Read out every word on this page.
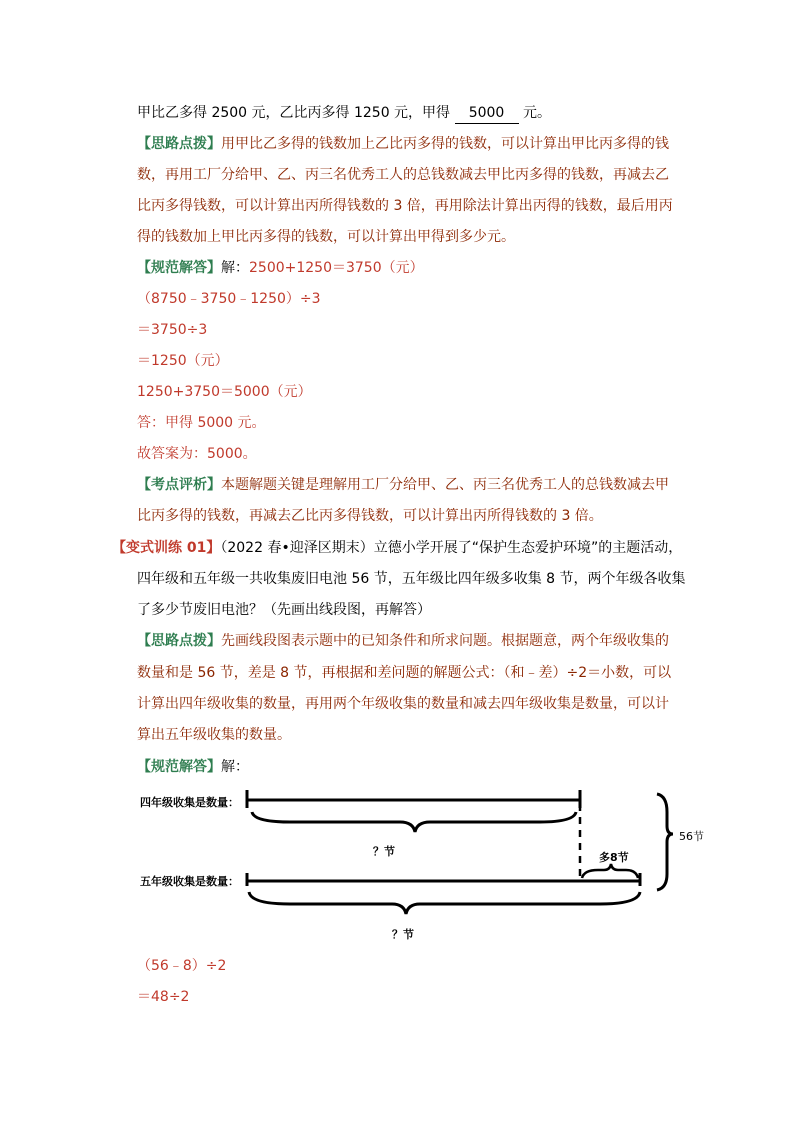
甲比乙多得 2500 元，乙比丙多得 1250 元，甲得 5000 元。
【思路点拨】用甲比乙多得的钱数加上乙比丙多得的钱数，可以计算出甲比丙多得的钱
数，再用工厂分给甲、乙、丙三名优秀工人的总钱数减去甲比丙多得的钱数，再减去乙
比丙多得钱数，可以计算出丙所得钱数的 3 倍，再用除法计算出丙得的钱数，最后用丙
得的钱数加上甲比丙多得的钱数，可以计算出甲得到多少元。
【规范解答】解：2500+1250＝3750（元）
（8750﹣3750﹣1250）÷3
＝3750÷3
＝1250（元）
1250+3750＝5000（元）
答：甲得 5000 元。
故答案为：5000。
【考点评析】本题解题关键是理解用工厂分给甲、乙、丙三名优秀工人的总钱数减去甲
比丙多得的钱数，再减去乙比丙多得钱数，可以计算出丙所得钱数的 3 倍。
【变式训练 01】（2022 春•迎泽区期末）立德小学开展了“保护生态爱护环境”的主题活动，
四年级和五年级一共收集废旧电池 56 节，五年级比四年级多收集 8 节，两个年级各收集
了多少节废旧电池？（先画出线段图，再解答）
【思路点拨】先画线段图表示题中的已知条件和所求问题。根据题意，两个年级收集的
数量和是 56 节，差是 8 节，再根据和差问题的解题公式：（和﹣差）÷2＝小数，可以
计算出四年级收集的数量，再用两个年级收集的数量和减去四年级收集是数量，可以计
算出五年级收集的数量。
【规范解答】解：
四年级收集是数量：
？节
五年级收集是数量：
多8节
？节
56节
（56﹣8）÷2
＝48÷2
